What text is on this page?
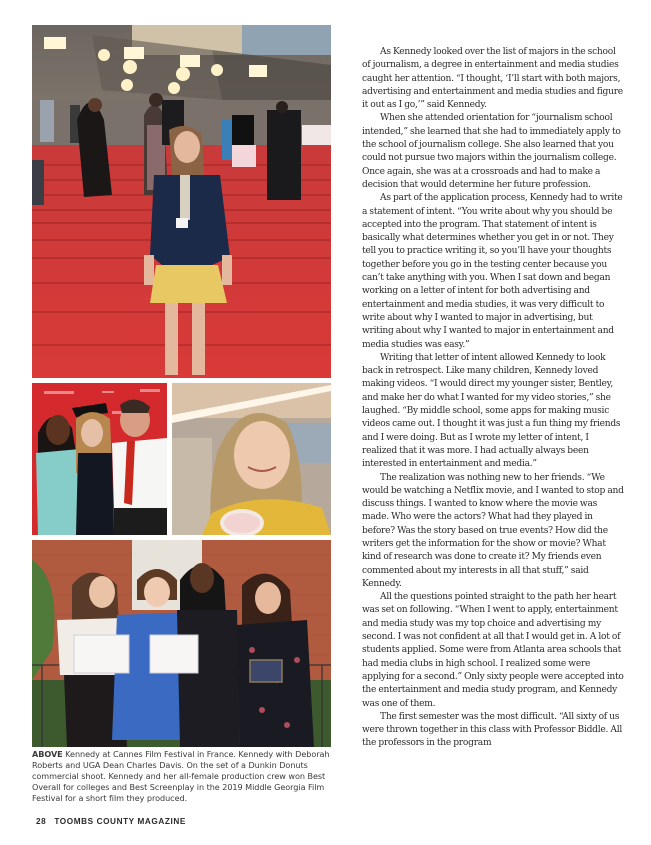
ABOVE Kennedy at Cannes Film Festival in France. Kennedy with Deborah Roberts and UGA Dean Charles Davis. On the set of a Dunkin Donuts commercial shoot. Kennedy and her all-female production crew won Best Overall for colleges and Best Screenplay in the 2019 Middle Georgia Film Festival for a short film they produced.
28 TOOMBS COUNTY MAGAZINE

As Kennedy looked over the list of majors in the school of journalism, a degree in entertainment and media studies caught her attention. “I thought, ‘I’ll start with both majors, advertising and entertainment and media studies and figure it out as I go,’” said Kennedy.

When she attended orientation for “journalism school intended,” she learned that she had to immediately apply to the school of journalism college. She also learned that you could not pursue two majors within the journalism college. Once again, she was at a crossroads and had to make a decision that would determine her future profession.

As part of the application process, Kennedy had to write a statement of intent. “You write about why you should be accepted into the program. That statement of intent is basically what determines whether you get in or not. They tell you to practice writing it, so you’ll have your thoughts together before you go in the testing center because you can’t take anything with you. When I sat down and began working on a letter of intent for both advertising and entertainment and media studies, it was very difficult to write about why I wanted to major in advertising, but writing about why I wanted to major in entertainment and media studies was easy.”

Writing that letter of intent allowed Kennedy to look back in retrospect. Like many children, Kennedy loved making videos. “I would direct my younger sister, Bentley, and make her do what I wanted for my video stories,” she laughed. “By middle school, some apps for making music videos came out. I thought it was just a fun thing my friends and I were doing. But as I wrote my letter of intent, I realized that it was more. I had actually always been interested in entertainment and media.”

The realization was nothing new to her friends. “We would be watching a Netflix movie, and I wanted to stop and discuss things. I wanted to know where the movie was made. Who were the actors? What had they played in before? Was the story based on true events? How did the writers get the information for the show or movie? What kind of research was done to create it? My friends even commented about my interests in all that stuff,” said Kennedy.

All the questions pointed straight to the path her heart was set on following. “When I went to apply, entertainment and media study was my top choice and advertising my second. I was not confident at all that I would get in. A lot of students applied. Some were from Atlanta area schools that had media clubs in high school. I realized some were applying for a second.” Only sixty people were accepted into the entertainment and media study program, and Kennedy was one of them.

The first semester was the most difficult. “All sixty of us were thrown together in this class with Professor Biddle. All the professors in the program
